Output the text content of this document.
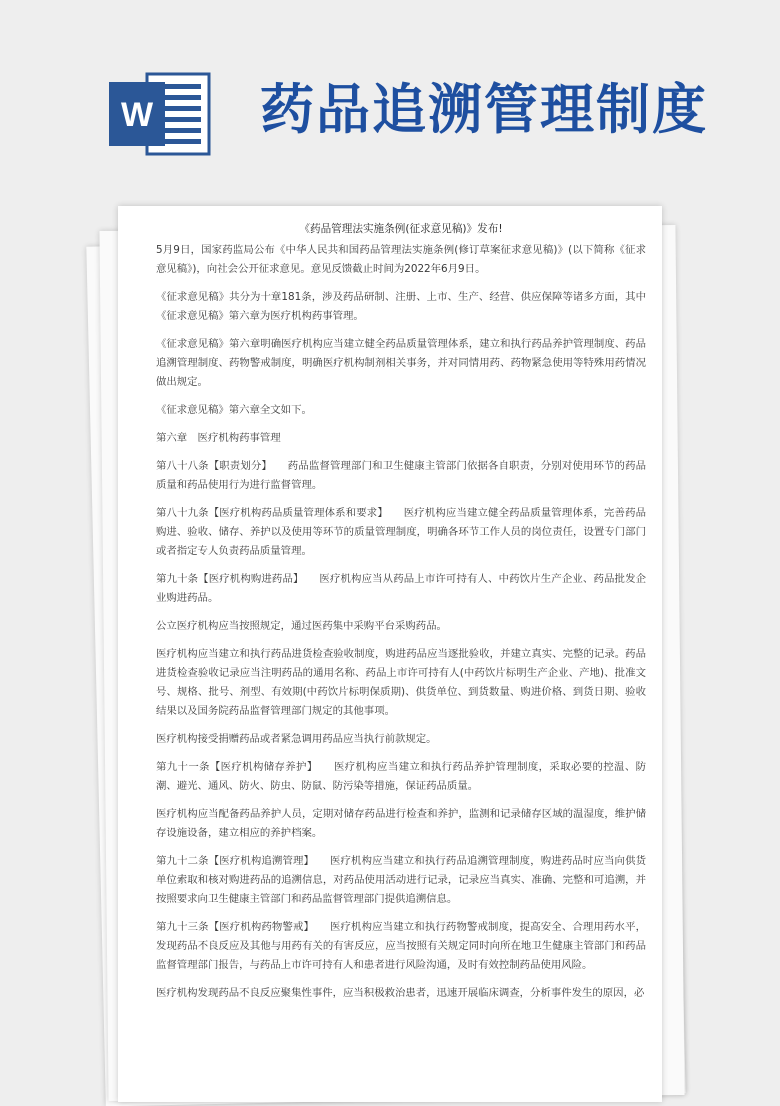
W 药品追溯管理制度
《药品管理法实施条例(征求意见稿)》发布!

5月9日，国家药监局公布《中华人民共和国药品管理法实施条例(修订草案征求意见稿)》(以下简称《征求意见稿》)，向社会公开征求意见。意见反馈截止时间为2022年6月9日。

《征求意见稿》共分为十章181条，涉及药品研制、注册、上市、生产、经营、供应保障等诸多方面，其中《征求意见稿》第六章为医疗机构药事管理。

《征求意见稿》第六章明确医疗机构应当建立健全药品质量管理体系，建立和执行药品养护管理制度、药品追溯管理制度、药物警戒制度，明确医疗机构制剂相关事务，并对同情用药、药物紧急使用等特殊用药情况做出规定。

《征求意见稿》第六章全文如下。

第六章　医疗机构药事管理

第八十八条【职责划分】　　药品监督管理部门和卫生健康主管部门依据各自职责，分别对使用环节的药品质量和药品使用行为进行监督管理。

第八十九条【医疗机构药品质量管理体系和要求】　　医疗机构应当建立健全药品质量管理体系，完善药品购进、验收、储存、养护以及使用等环节的质量管理制度，明确各环节工作人员的岗位责任，设置专门部门或者指定专人负责药品质量管理。

第九十条【医疗机构购进药品】　　医疗机构应当从药品上市许可持有人、中药饮片生产企业、药品批发企业购进药品。

公立医疗机构应当按照规定，通过医药集中采购平台采购药品。

医疗机构应当建立和执行药品进货检查验收制度，购进药品应当逐批验收，并建立真实、完整的记录。药品进货检查验收记录应当注明药品的通用名称、药品上市许可持有人(中药饮片标明生产企业、产地)、批准文号、规格、批号、剂型、有效期(中药饮片标明保质期)、供货单位、到货数量、购进价格、到货日期、验收结果以及国务院药品监督管理部门规定的其他事项。

医疗机构接受捐赠药品或者紧急调用药品应当执行前款规定。

第九十一条【医疗机构储存养护】　　医疗机构应当建立和执行药品养护管理制度，采取必要的控温、防潮、避光、通风、防火、防虫、防鼠、防污染等措施，保证药品质量。

医疗机构应当配备药品养护人员，定期对储存药品进行检查和养护，监测和记录储存区域的温湿度，维护储存设施设备，建立相应的养护档案。

第九十二条【医疗机构追溯管理】　　医疗机构应当建立和执行药品追溯管理制度，购进药品时应当向供货单位索取和核对购进药品的追溯信息，对药品使用活动进行记录，记录应当真实、准确、完整和可追溯，并按照要求向卫生健康主管部门和药品监督管理部门提供追溯信息。

第九十三条【医疗机构药物警戒】　　医疗机构应当建立和执行药物警戒制度，提高安全、合理用药水平，发现药品不良反应及其他与用药有关的有害反应，应当按照有关规定同时向所在地卫生健康主管部门和药品监督管理部门报告，与药品上市许可持有人和患者进行风险沟通，及时有效控制药品使用风险。

医疗机构发现药品不良反应聚集性事件，应当积极救治患者，迅速开展临床调查，分析事件发生的原因，必
